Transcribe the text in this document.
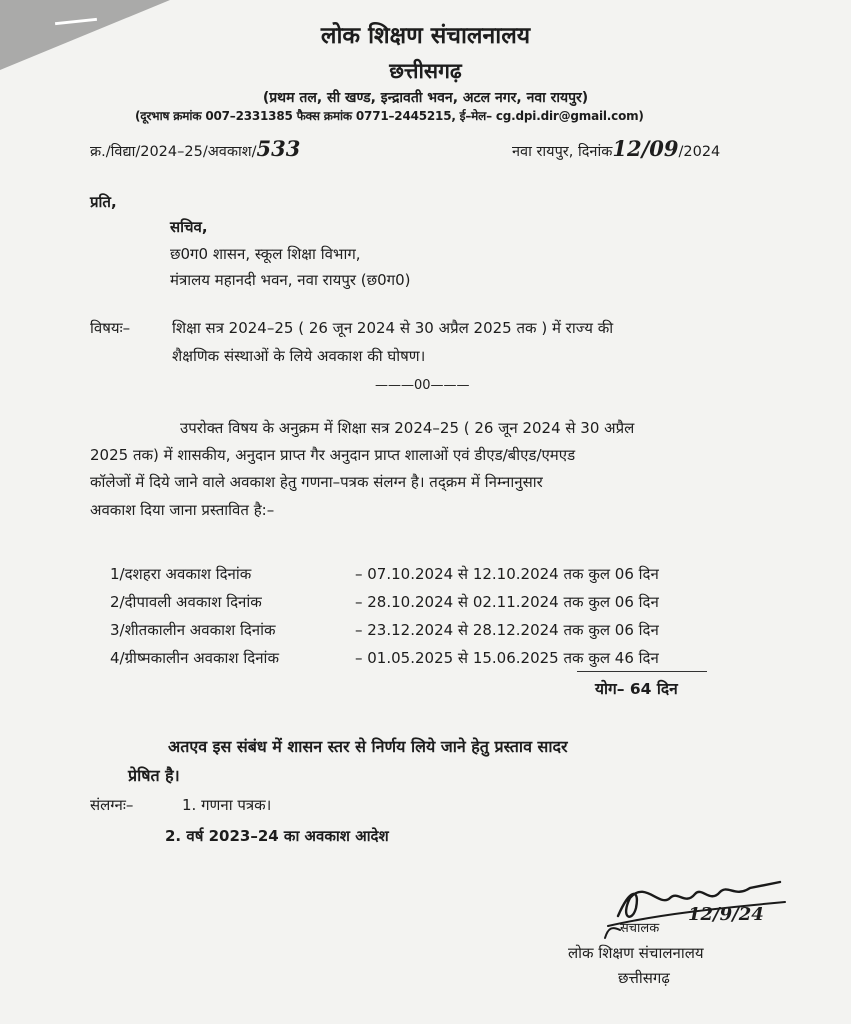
लोक शिक्षण संचालनालय
छत्तीसगढ़
(प्रथम तल, सी खण्ड, इन्द्रावती भवन, अटल नगर, नवा रायपुर)
(दूरभाष क्रमांक 007–2331385 फैक्स क्रमांक 0771–2445215, ई–मेल– cg.dpi.dir@gmail.com)
क्र./विद्या/2024–25/अवकाश/533	नवा रायपुर, दिनांक12/09/2024
प्रति,
सचिव,
छ0ग0 शासन, स्कूल शिक्षा विभाग,
मंत्रालय महानदी भवन, नवा रायपुर (छ0ग0)
विषयः–	शिक्षा सत्र 2024–25 ( 26 जून 2024 से 30 अप्रैल 2025 तक ) में राज्य की
शैक्षणिक संस्थाओं के लिये अवकाश की घोषण।
———00———
उपरोक्त विषय के अनुक्रम में शिक्षा सत्र 2024–25 ( 26 जून 2024 से 30 अप्रैल
2025 तक) में शासकीय, अनुदान प्राप्त गैर अनुदान प्राप्त शालाओं एवं डीएड/बीएड/एमएड
कॉलेजों में दिये जाने वाले अवकाश हेतु गणना–पत्रक संलग्न है। तद्क्रम में निम्नानुसार
अवकाश दिया जाना प्रस्तावित है:–
1/दशहरा अवकाश दिनांक	– 07.10.2024 से 12.10.2024 तक कुल 06 दिन
2/दीपावली अवकाश दिनांक	– 28.10.2024 से 02.11.2024 तक कुल 06 दिन
3/शीतकालीन अवकाश दिनांक	– 23.12.2024 से 28.12.2024 तक कुल 06 दिन
4/ग्रीष्मकालीन अवकाश दिनांक	– 01.05.2025 से 15.06.2025 तक कुल 46 दिन
योग– 64 दिन
अतएव इस संबंध में शासन स्तर से निर्णय लिये जाने हेतु प्रस्ताव सादर
प्रेषित है।
संलग्नः–	1. गणना पत्रक।
2. वर्ष 2023–24 का अवकाश आदेश
12/9/24
संचालक
लोक शिक्षण संचालनालय
छत्तीसगढ़
